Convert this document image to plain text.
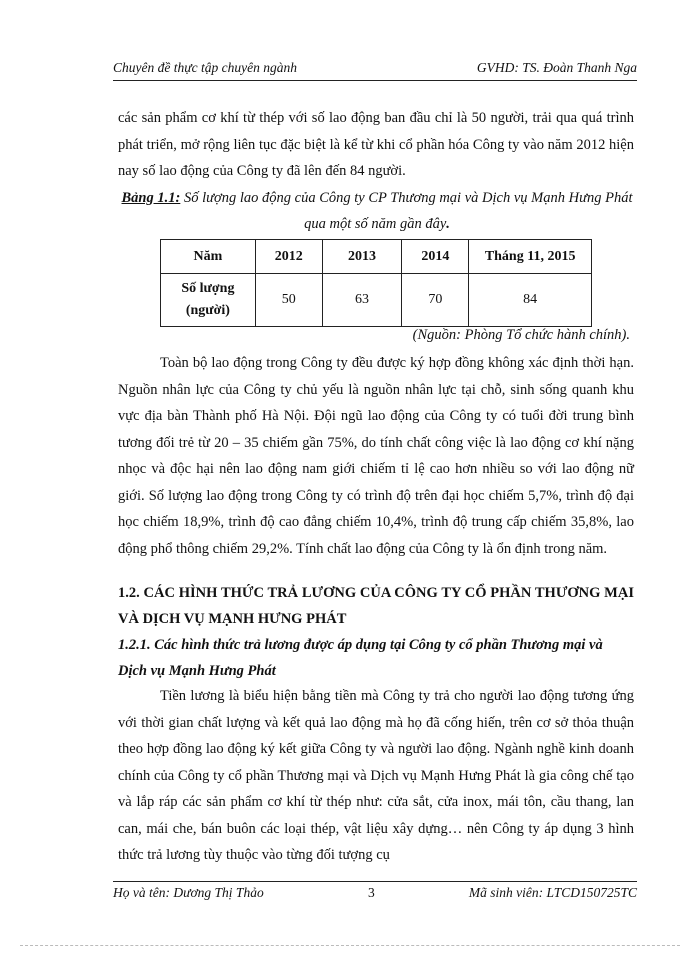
Chuyên đề thực tập chuyên ngành	GVHD: TS. Đoàn Thanh Nga
các sản phẩm cơ khí từ thép với số lao động ban đầu chỉ là 50 người, trải qua quá trình phát triển, mở rộng liên tục đặc biệt là kể từ khi cổ phần hóa Công ty vào năm 2012 hiện nay số lao động của Công ty đã lên đến 84 người.
Bảng 1.1: Số lượng lao động của Công ty CP Thương mại và Dịch vụ Mạnh Hưng Phát qua một số năm gần đây.
Năm	2012	2013	2014	Tháng 11, 2015
Số lượng
(người)	50	63	70	84
(Nguồn: Phòng Tổ chức hành chính).
Toàn bộ lao động trong Công ty đều được ký hợp đồng không xác định thời hạn. Nguồn nhân lực của Công ty chủ yếu là nguồn nhân lực tại chỗ, sinh sống quanh khu vực địa bàn Thành phố Hà Nội. Đội ngũ lao động của Công ty có tuổi đời trung bình tương đối trẻ từ 20 – 35 chiếm gần 75%, do tính chất công việc là lao động cơ khí nặng nhọc và độc hại nên lao động nam giới chiếm tỉ lệ cao hơn nhiều so với lao động nữ giới. Số lượng lao động trong Công ty có trình độ trên đại học chiếm 5,7%, trình độ đại học chiếm 18,9%, trình độ cao đẳng chiếm 10,4%, trình độ trung cấp chiếm 35,8%, lao động phổ thông chiếm 29,2%. Tính chất lao động của Công ty là ổn định trong năm.
1.2. CÁC HÌNH THỨC TRẢ LƯƠNG CỦA CÔNG TY CỔ PHẦN THƯƠNG MẠI VÀ DỊCH VỤ MẠNH HƯNG PHÁT
1.2.1. Các hình thức trả lương được áp dụng tại Công ty cổ phần Thương mại và Dịch vụ Mạnh Hưng Phát
Tiền lương là biểu hiện bằng tiền mà Công ty trả cho người lao động tương ứng với thời gian chất lượng và kết quả lao động mà họ đã cống hiến, trên cơ sở thỏa thuận theo hợp đồng lao động ký kết giữa Công ty và người lao động. Ngành nghề kinh doanh chính của Công ty cổ phần Thương mại và Dịch vụ Mạnh Hưng Phát là gia công chế tạo và lắp ráp các sản phẩm cơ khí từ thép như: cửa sắt, cửa inox, mái tôn, cầu thang, lan can, mái che, bán buôn các loại thép, vật liệu xây dựng… nên Công ty áp dụng 3 hình thức trả lương tùy thuộc vào từng đối tượng cụ
Họ và tên: Dương Thị Thảo	3	Mã sinh viên: LTCD150725TC
